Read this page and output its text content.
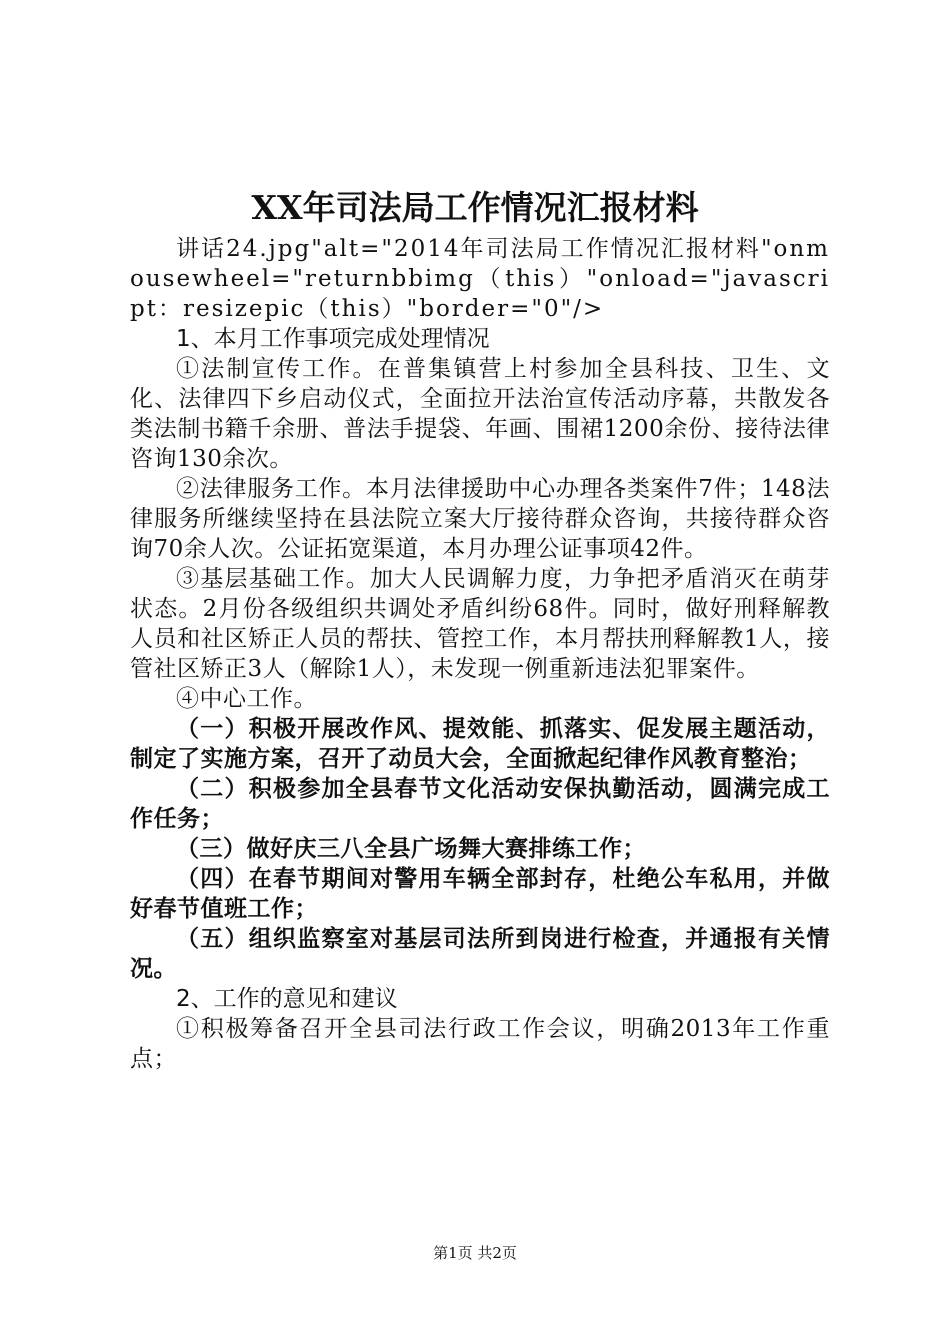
XX年司法局工作情况汇报材料

讲话24.jpg"alt="2014年司法局工作情况汇报材料"onmousewheel="returnbbimg（this）"onload="javascript：resizepic（this）"border="0"/>

1、本月工作事项完成处理情况

①法制宣传工作。在普集镇营上村参加全县科技、卫生、文化、法律四下乡启动仪式，全面拉开法治宣传活动序幕，共散发各类法制书籍千余册、普法手提袋、年画、围裙1200余份、接待法律咨询130余次。

②法律服务工作。本月法律援助中心办理各类案件7件；148法律服务所继续坚持在县法院立案大厅接待群众咨询，共接待群众咨询70余人次。公证拓宽渠道，本月办理公证事项42件。

③基层基础工作。加大人民调解力度，力争把矛盾消灭在萌芽状态。2月份各级组织共调处矛盾纠纷68件。同时，做好刑释解教人员和社区矫正人员的帮扶、管控工作，本月帮扶刑释解教1人，接管社区矫正3人（解除1人），未发现一例重新违法犯罪案件。

④中心工作。

（一）积极开展改作风、提效能、抓落实、促发展主题活动，制定了实施方案，召开了动员大会，全面掀起纪律作风教育整治；

（二）积极参加全县春节文化活动安保执勤活动，圆满完成工作任务；

（三）做好庆三八全县广场舞大赛排练工作；

（四）在春节期间对警用车辆全部封存，杜绝公车私用，并做好春节值班工作；

（五）组织监察室对基层司法所到岗进行检查，并通报有关情况。

2、工作的意见和建议

①积极筹备召开全县司法行政工作会议，明确2013年工作重点；

第1页 共2页
